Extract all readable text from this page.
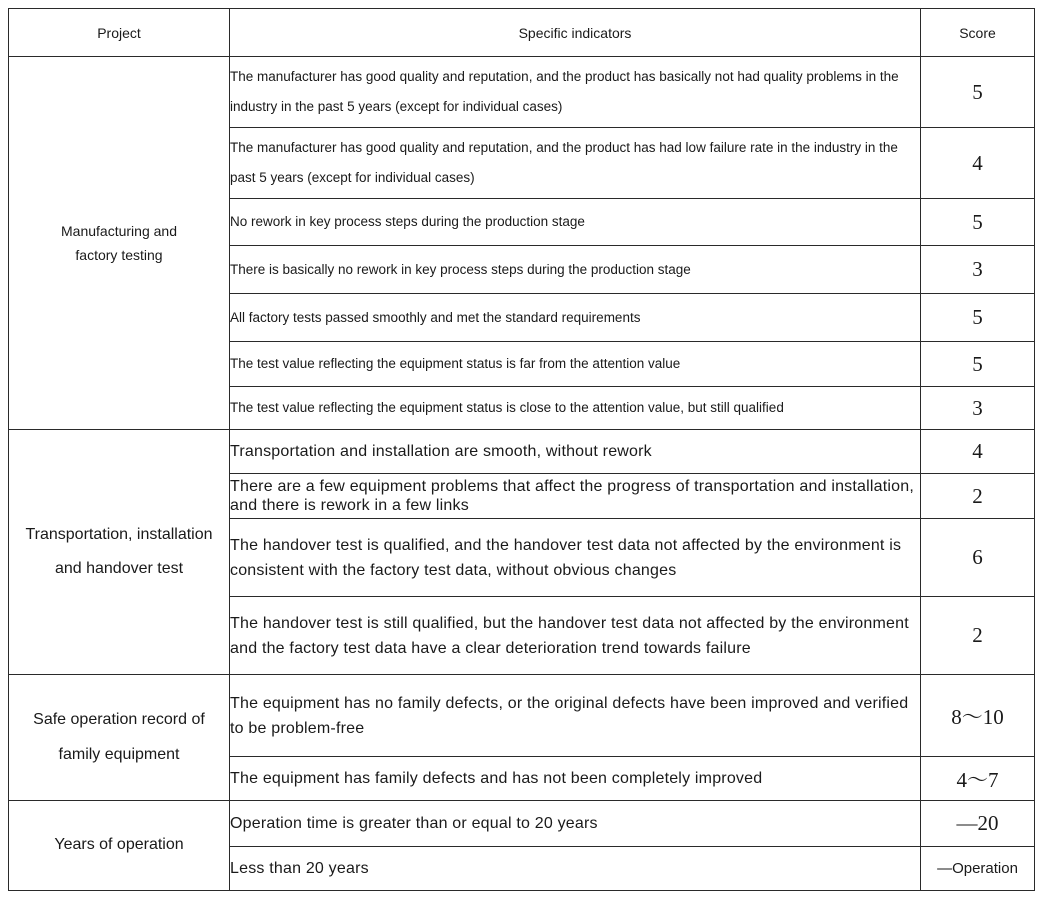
Project	Specific indicators	Score

Manufacturing and factory testing	The manufacturer has good quality and reputation, and the product has basically not had quality problems in the industry in the past 5 years (except for individual cases)	5
	The manufacturer has good quality and reputation, and the product has had low failure rate in the industry in the past 5 years (except for individual cases)	4
	No rework in key process steps during the production stage	5
	There is basically no rework in key process steps during the production stage	3
	All factory tests passed smoothly and met the standard requirements	5
	The test value reflecting the equipment status is far from the attention value	5
	The test value reflecting the equipment status is close to the attention value, but still qualified	3

Transportation, installation and handover test	Transportation and installation are smooth, without rework	4
	There are a few equipment problems that affect the progress of transportation and installation, and there is rework in a few links	2
	The handover test is qualified, and the handover test data not affected by the environment is consistent with the factory test data, without obvious changes	6
	The handover test is still qualified, but the handover test data not affected by the environment and the factory test data have a clear deterioration trend towards failure	2

Safe operation record of family equipment	The equipment has no family defects, or the original defects have been improved and verified to be problem-free	8～10
	The equipment has family defects and has not been completely improved	4～7

Years of operation	Operation time is greater than or equal to 20 years	—20
	Less than 20 years	—Operation
